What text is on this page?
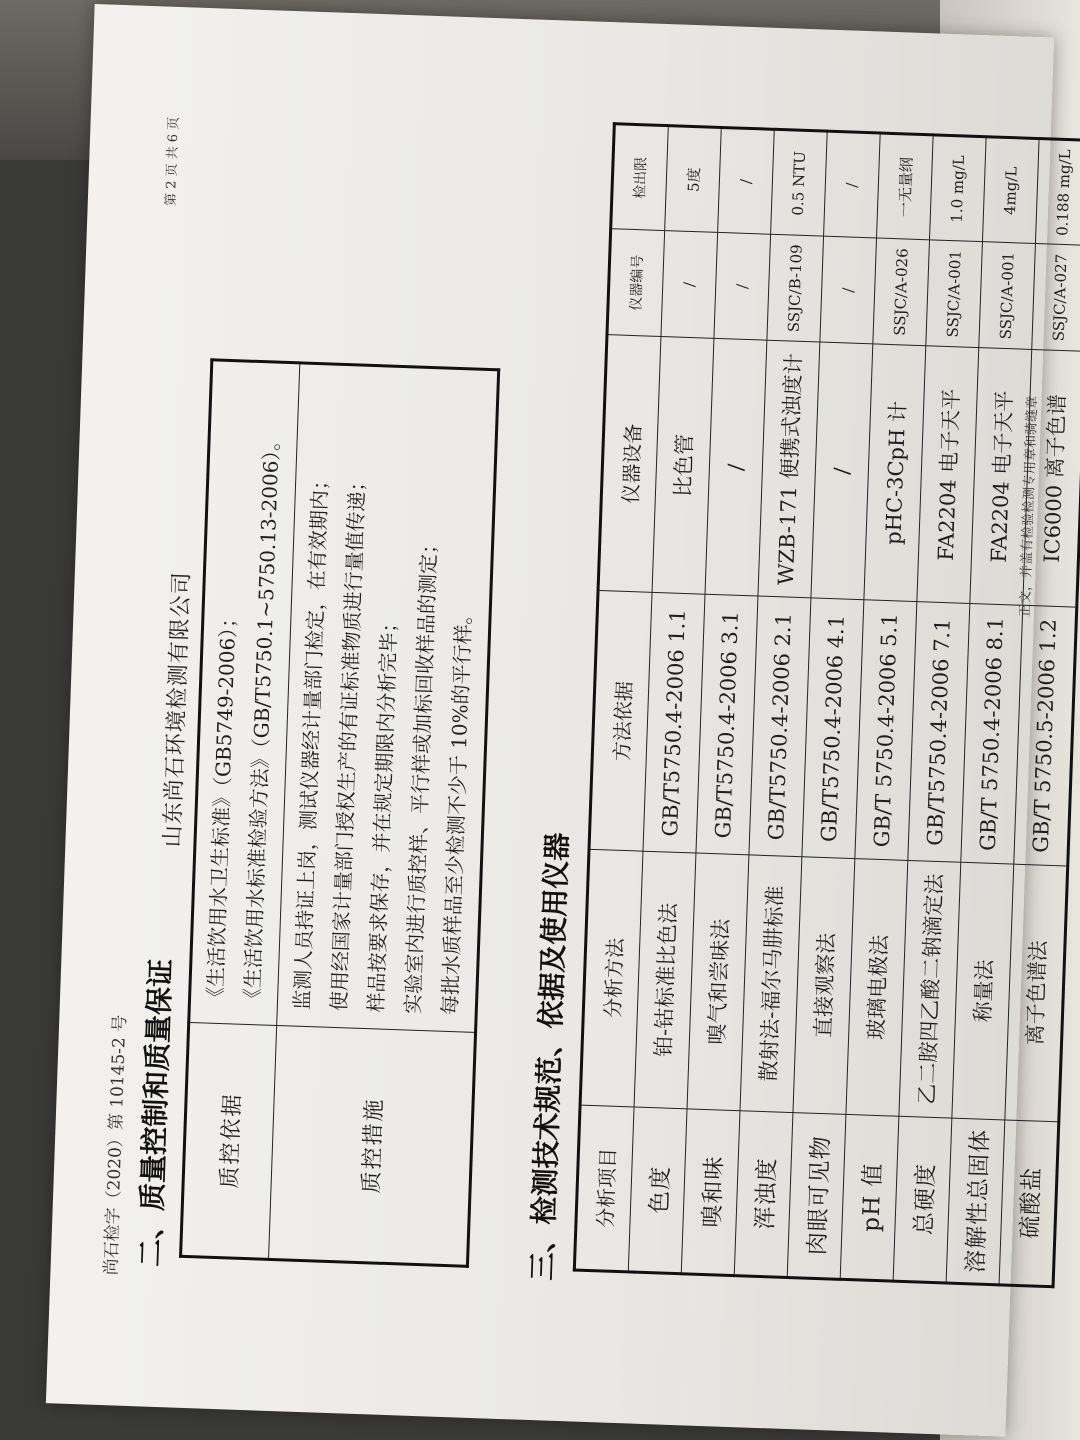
尚石检字（2020）第 10145-2 号
山东尚石环境检测有限公司
第 2 页 共 6 页
二、质量控制和质量保证 质控依据	《生活饮用水卫生标准》（GB5749-2006）； 《生活饮用水标准检验方法》（GB/T5750.1~5750.13-2006）。

质控措施	监测人员持证上岗，测试仪器经计量部门检定，在有效期内；
使用经国家计量部门授权生产的有证标准物质进行量值传递；
样品按要求保存，并在规定期限内分析完毕； 实验室内进行质控样、平行样或加标回收样品的测定；
每批水质样品至少检测不少于 10%的平行样。
三、检测技术规范、依据及使用仪器 分析项目	分析方法	方法依据	仪器设备	仪器编号	检出限
色度	铂-钴标准比色法	GB/T5750.4-2006 1.1	比色管	/	5度
嗅和味	嗅气和尝味法	GB/T5750.4-2006 3.1	/	/	/
浑浊度	散射法-福尔马肼标准	GB/T5750.4-2006 2.1	WZB-171 便携式浊度计	SSJC/B-109	0.5 NTU
肉眼可见物	直接观察法	GB/T5750.4-2006 4.1	/	/	/
pH 值	玻璃电极法	GB/T 5750.4-2006 5.1	pHC-3CpH 计	SSJC/A-026	一无量纲
总硬度	乙二胺四乙酸二钠滴定法	GB/T5750.4-2006 7.1	FA2204 电子天平	SSJC/A-001	1.0 mg/L
溶解性总固体	称量法	GB/T 5750.4-2006 8.1	FA2204 电子天平	SSJC/A-001	4mg/L
硫酸盐	离子色谱法	GB/T 5750.5-2006 1.2	IC6000 离子色谱	SSJC/A-027	0.188 mg/L
正文，并盖有检验检测专用章和骑缝章
